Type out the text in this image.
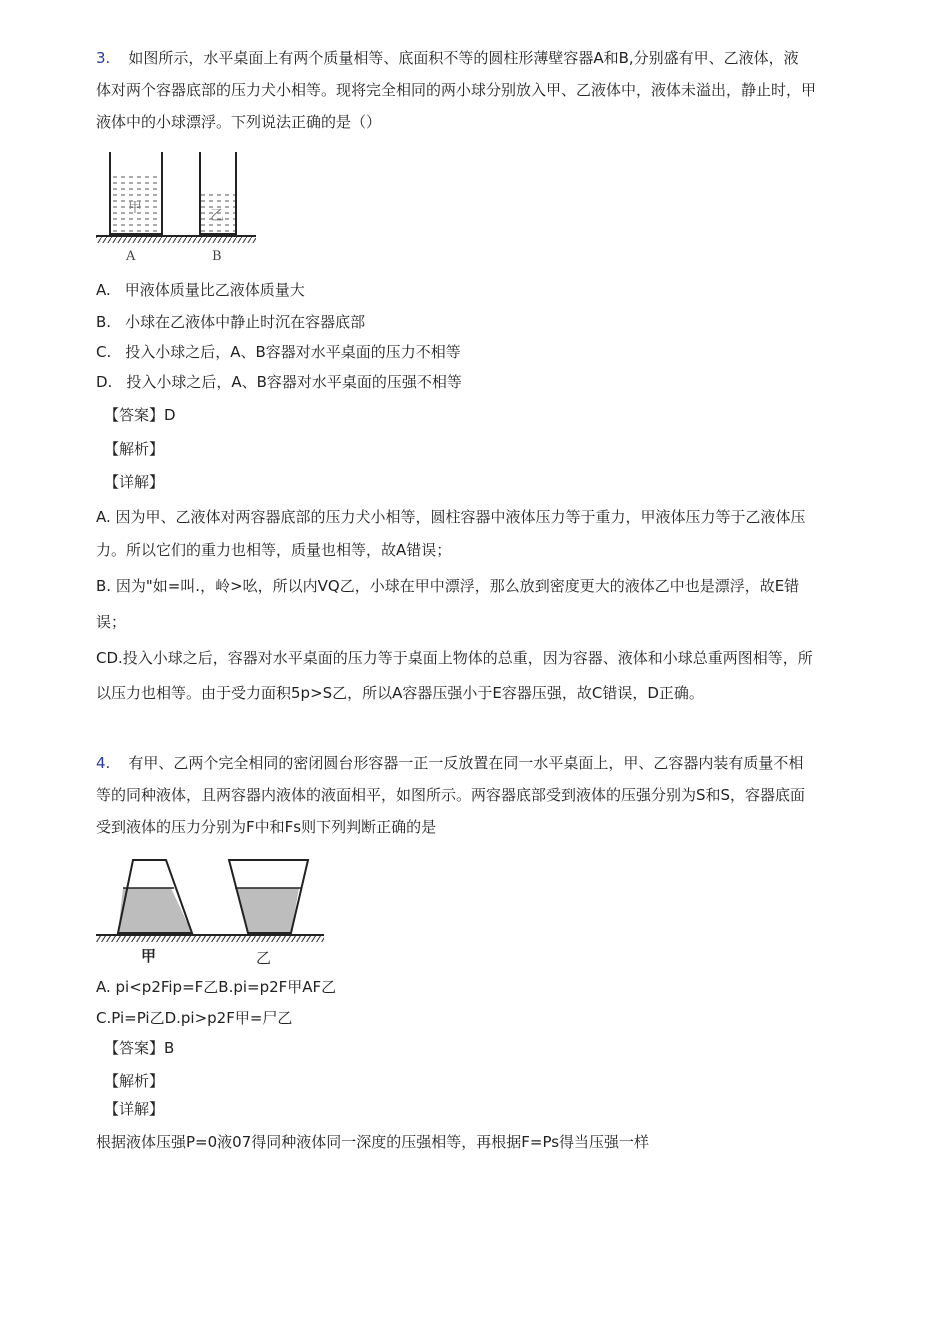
3. 如图所示，水平桌面上有两个质量相等、底面积不等的圆柱形薄壁容器A和B,分别盛有甲、乙液体，液
体对两个容器底部的压力犬小相等。现将完全相同的两小球分别放入甲、乙液体中，液体未溢出，静止时，甲
液体中的小球漂浮。下列说法正确的是（）
甲	乙
A	B
A. 甲液体质量比乙液体质量大
B. 小球在乙液体中静止时沉在容器底部
C. 投入小球之后，A、B容器对水平桌面的压力不相等
D. 投入小球之后，A、B容器对水平桌面的压强不相等
【答案】D
【解析】
【详解】
A. 因为甲、乙液体对两容器底部的压力犬小相等，圆柱容器中液体压力等于重力，甲液体压力等于乙液体压
力。所以它们的重力也相等，质量也相等，故A错误；
B. 因为"如=叫.，岭>吆，所以内VQ乙，小球在甲中漂浮，那么放到密度更大的液体乙中也是漂浮，故E错
误；
CD.投入小球之后，容器对水平桌面的压力等于桌面上物体的总重，因为容器、液体和小球总重两图相等，所
以压力也相等。由于受力面积5p>S乙，所以A容器压强小于E容器压强，故C错误，D正确。
4. 有甲、乙两个完全相同的密闭圆台形容器一正一反放置在同一水平桌面上，甲、乙容器内装有质量不相
等的同种液体，且两容器内液体的液面相平，如图所示。两容器底部受到液体的压强分别为S和S，容器底面
受到液体的压力分别为F中和Fs则下列判断正确的是
甲	乙
A. pi<p2Fip=F乙B.pi=p2F甲AF乙
C.Pi=Pi乙D.pi>p2F甲=尸乙
【答案】B
【解析】
【详解】
根据液体压强P=0液07得同种液体同一深度的压强相等，再根据F=Ps得当压强一样
